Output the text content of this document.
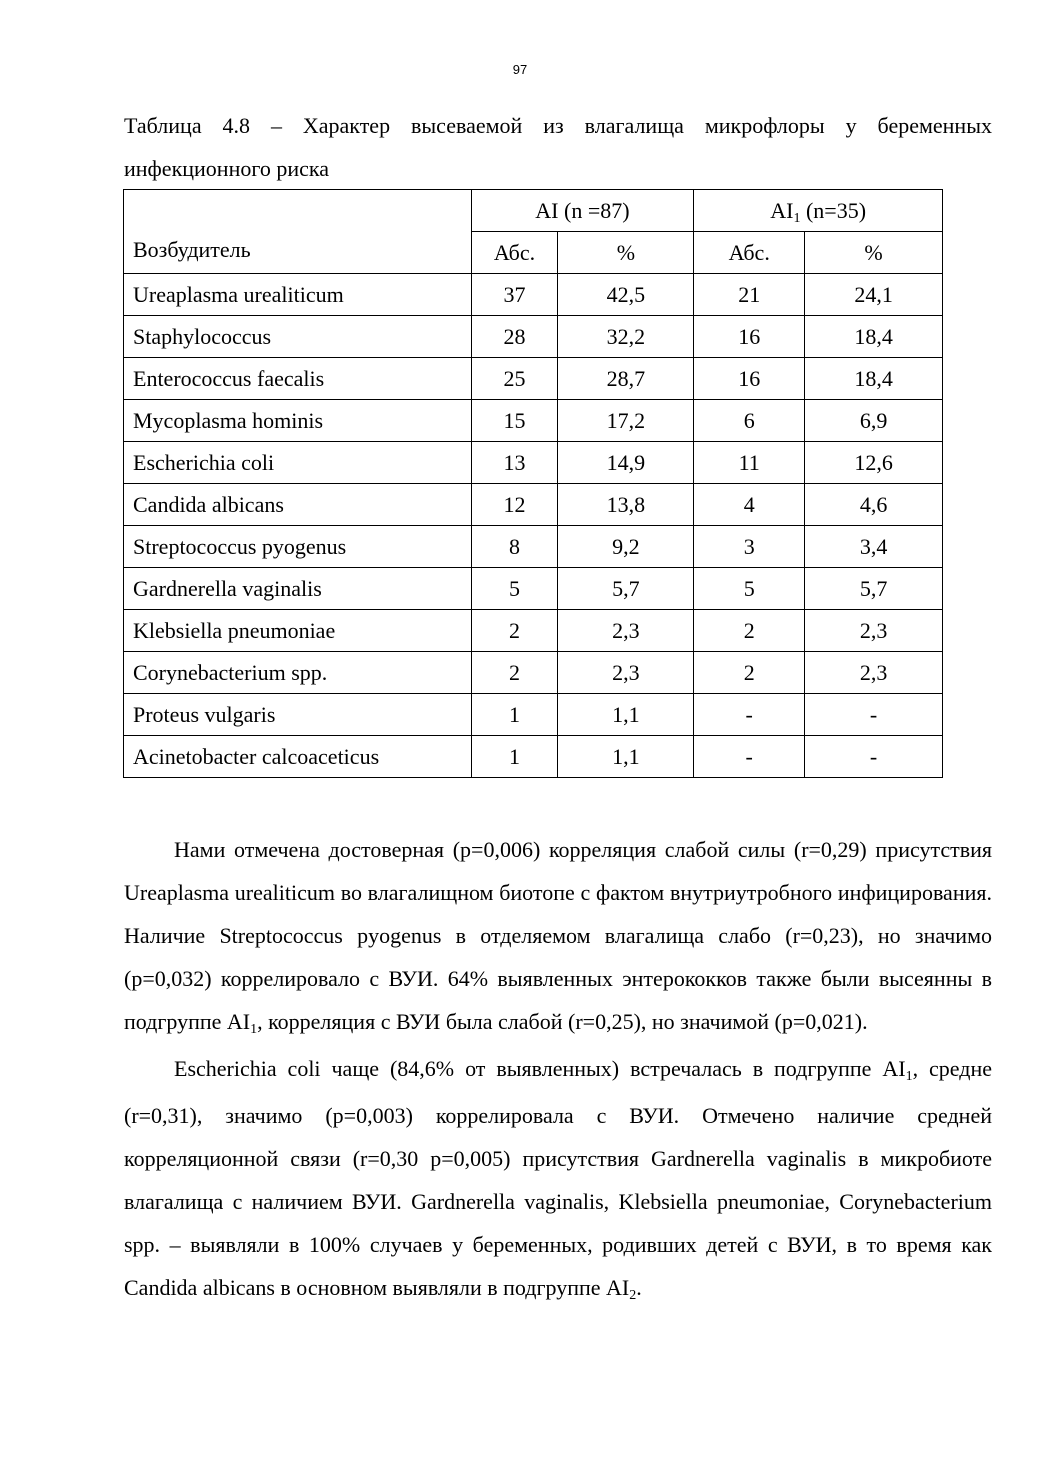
97
Таблица 4.8 – Характер высеваемой из влагалища микрофлоры у беременных
инфекционного риска
Возбудитель	AI (n =87)		AI1 (n=35)	
	Абс.	%	Абс.	%
Ureaplasma urealiticum	37	42,5	21	24,1
Staphylococcus	28	32,2	16	18,4
Enterococcus faecalis	25	28,7	16	18,4
Mycoplasma hominis	15	17,2	6	6,9
Escherichia coli	13	14,9	11	12,6
Candida albicans	12	13,8	4	4,6
Streptococcus pyogenus	8	9,2	3	3,4
Gardnerella vaginalis	5	5,7	5	5,7
Klebsiella pneumoniae	2	2,3	2	2,3
Corynebacterium spp.	2	2,3	2	2,3
Proteus vulgaris	1	1,1	-	-
Acinetobacter calcoaceticus	1	1,1	-	-

Нами отмечена достоверная (p=0,006) корреляция слабой силы (r=0,29) присутствия Ureaplasma urealiticum во влагалищном биотопе с фактом внутриутробного инфицирования. Наличие Streptococcus pyogenus в отделяемом влагалища слабо (r=0,23), но значимо (p=0,032) коррелировало с ВУИ. 64% выявленных энтерококков также были высеянны в подгруппе AI1, корреляция с ВУИ была слабой (r=0,25), но значимой (p=0,021).

Escherichia coli чаще (84,6% от выявленных) встречалась в подгруппе AI1, средне (r=0,31), значимо (p=0,003) коррелировала с ВУИ. Отмечено наличие средней корреляционной связи (r=0,30 p=0,005) присутствия Gardnerella vaginalis в микробиоте влагалища с наличием ВУИ. Gardnerella vaginalis, Klebsiella pneumoniae, Corynebacterium spp. – выявляли в 100% случаев у беременных, родивших детей с ВУИ, в то время как Candida albicans в основном выявляли в подгруппе AI2.
